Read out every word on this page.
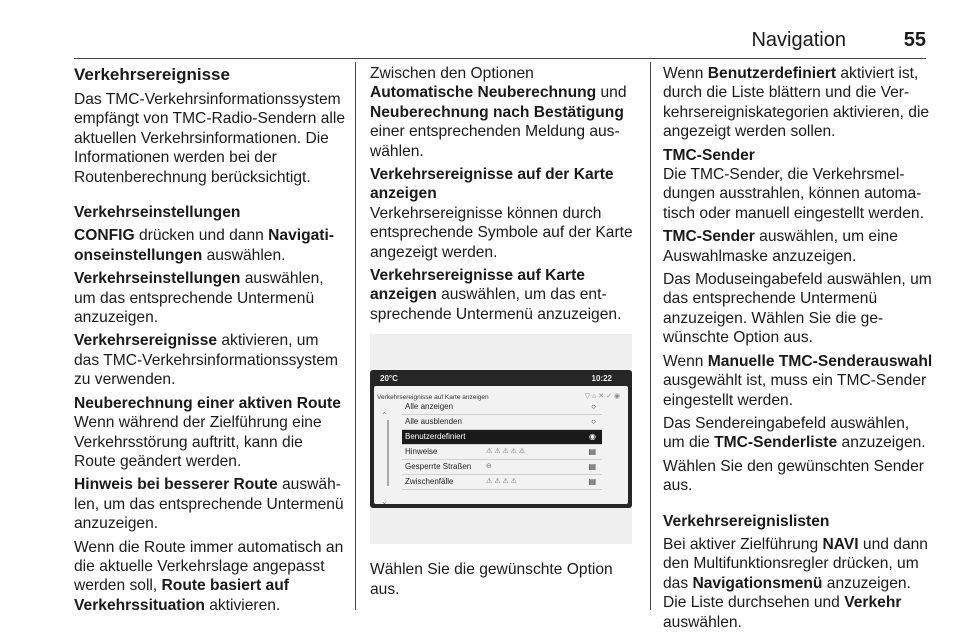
Navigation	55
Verkehrsereignisse

Das TMC-Verkehrsinformationssystem empfängt von TMC-Radio-Sendern alle aktuellen Verkehrsinformationen. Die Informationen werden bei der Routenberechnung berücksichtigt.

Verkehrseinstellungen

CONFIG drücken und dann Navigationseinstellungen auswählen.

Verkehrseinstellungen auswählen, um das entsprechende Untermenü anzuzeigen.

Verkehrsereignisse aktivieren, um das TMC-Verkehrsinformationssystem zu verwenden.

Neuberechnung einer aktiven Route
Wenn während der Zielführung eine Verkehrsstörung auftritt, kann die Route geändert werden.

Hinweis bei besserer Route auswählen, um das entsprechende Untermenü anzuzeigen.

Wenn die Route immer automatisch an die aktuelle Verkehrslage angepasst werden soll, Route basiert auf Verkehrssituation aktivieren.

Zwischen den Optionen
Automatische Neuberechnung und Neuberechnung nach Bestätigung einer entsprechenden Meldung auswählen.

Verkehrsereignisse auf der Karte anzeigen
Verkehrsereignisse können durch entsprechende Symbole auf der Karte angezeigt werden.

Verkehrsereignisse auf Karte anzeigen auswählen, um das entsprechende Untermenü anzuzeigen.

20°C	10:22
Verkehrsereignisse auf Karte anzeigen	▽ ⌂ ✕ ✓ ◉
⌃
⌄
Alle anzeigen	○
Alle ausblenden	○
Benutzerdefiniert	◉
Hinweise	⚠ ⚠ ⚠ ⚠ ⚠	▤
Gesperrte Straßen ⊖	▤
Zwischenfälle	⚠ ⚠ ⚠ ⚠	▤

Wählen Sie die gewünschte Option aus.

Wenn Benutzerdefiniert aktiviert ist, durch die Liste blättern und die Verkehrsereigniskategorien aktivieren, die angezeigt werden sollen.

TMC-Sender
Die TMC-Sender, die Verkehrsmeldungen ausstrahlen, können automatisch oder manuell eingestellt werden.

TMC-Sender auswählen, um eine Auswahlmaske anzuzeigen.

Das Moduseingabefeld auswählen, um das entsprechende Untermenü anzuzeigen. Wählen Sie die gewünschte Option aus.

Wenn Manuelle TMC-Senderauswahl ausgewählt ist, muss ein TMC-Sender eingestellt werden.

Das Sendereingabefeld auswählen, um die TMC-Senderliste anzuzeigen.

Wählen Sie den gewünschten Sender aus.

Verkehrsereignislisten

Bei aktiver Zielführung NAVI und dann den Multifunktionsregler drücken, um das Navigationsmenü anzuzeigen. Die Liste durchsehen und Verkehr auswählen.
